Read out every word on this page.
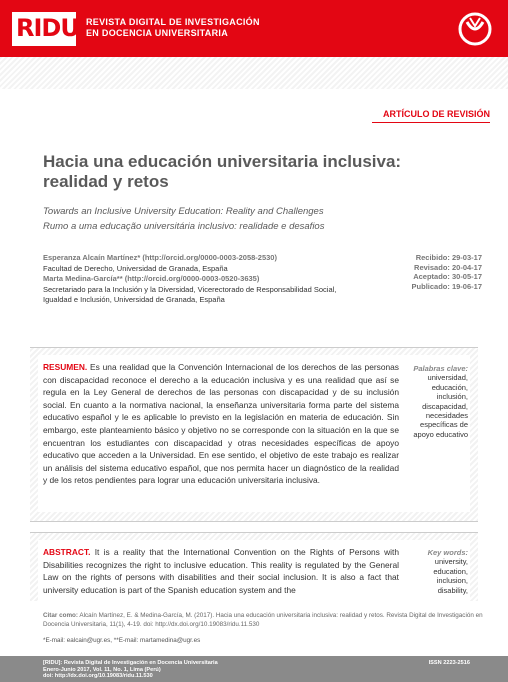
RIDU REVISTA DIGITAL DE INVESTIGACIÓN
EN DOCENCIA UNIVERSITARIA
ARTÍCULO DE REVISIÓN
Hacia una educación universitaria inclusiva: realidad y retos
Towards an Inclusive University Education: Reality and Challenges
Rumo a uma educação universitária inclusivo: realidade e desafios
Esperanza Alcaín Martínez* (http://orcid.org/0000-0003-2058-2530)
Facultad de Derecho, Universidad de Granada, España
Marta Medina-García** (http://orcid.org/0000-0003-0520-3635)
Secretariado para la Inclusión y la Diversidad, Vicerectorado de Responsabilidad Social,
Igualdad e Inclusión, Universidad de Granada, España
Recibido: 29-03-17
Revisado: 20-04-17
Aceptado: 30-05-17
Publicado: 19-06-17
RESUMEN. Es una realidad que la Convención Internacional de los derechos de las personas con discapacidad reconoce el derecho a la educación inclusiva y es una realidad que así se regula en la Ley General de derechos de las personas con discapacidad y de su inclusión social. En cuanto a la normativa nacional, la enseñanza universitaria forma parte del sistema educativo español y le es aplicable lo previsto en la legislación en materia de educación. Sin embargo, este planteamiento básico y objetivo no se corresponde con la situación en la que se encuentran los estudiantes con discapacidad y otras necesidades específicas de apoyo educativo que acceden a la Universidad. En ese sentido, el objetivo de este trabajo es realizar un análisis del sistema educativo español, que nos permita hacer un diagnóstico de la realidad y de los retos pendientes para lograr una educación universitaria inclusiva.
Palabras clave:
universidad, educación, inclusión, discapacidad, necesidades específicas de apoyo educativo
ABSTRACT. It is a reality that the International Convention on the Rights of Persons with Disabilities recognizes the right to inclusive education. This reality is regulated by the General Law on the rights of persons with disabilities and their social inclusion. It is also a fact that university education is part of the Spanish education system and the
Key words:
university, education, inclusion, disability,
Citar como: Alcaín Martínez, E. & Medina-García, M. (2017). Hacia una educación universitaria inclusiva: realidad y retos. Revista Digital de Investigación en Docencia Universitaria, 11(1), 4-19. doi: http://dx.doi.org/10.19083/ridu.11.530
*E-mail: ealcain@ugr.es, **E-mail: martamedina@ugr.es
[RIDU]: Revista Digital de Investigación en Docencia Universitaria
Enero-Junio 2017, Vol. 11, No. 1, Lima (Perú)
doi: http://dx.doi.org/10.19083/ridu.11.530
ISSN 2223-2516
